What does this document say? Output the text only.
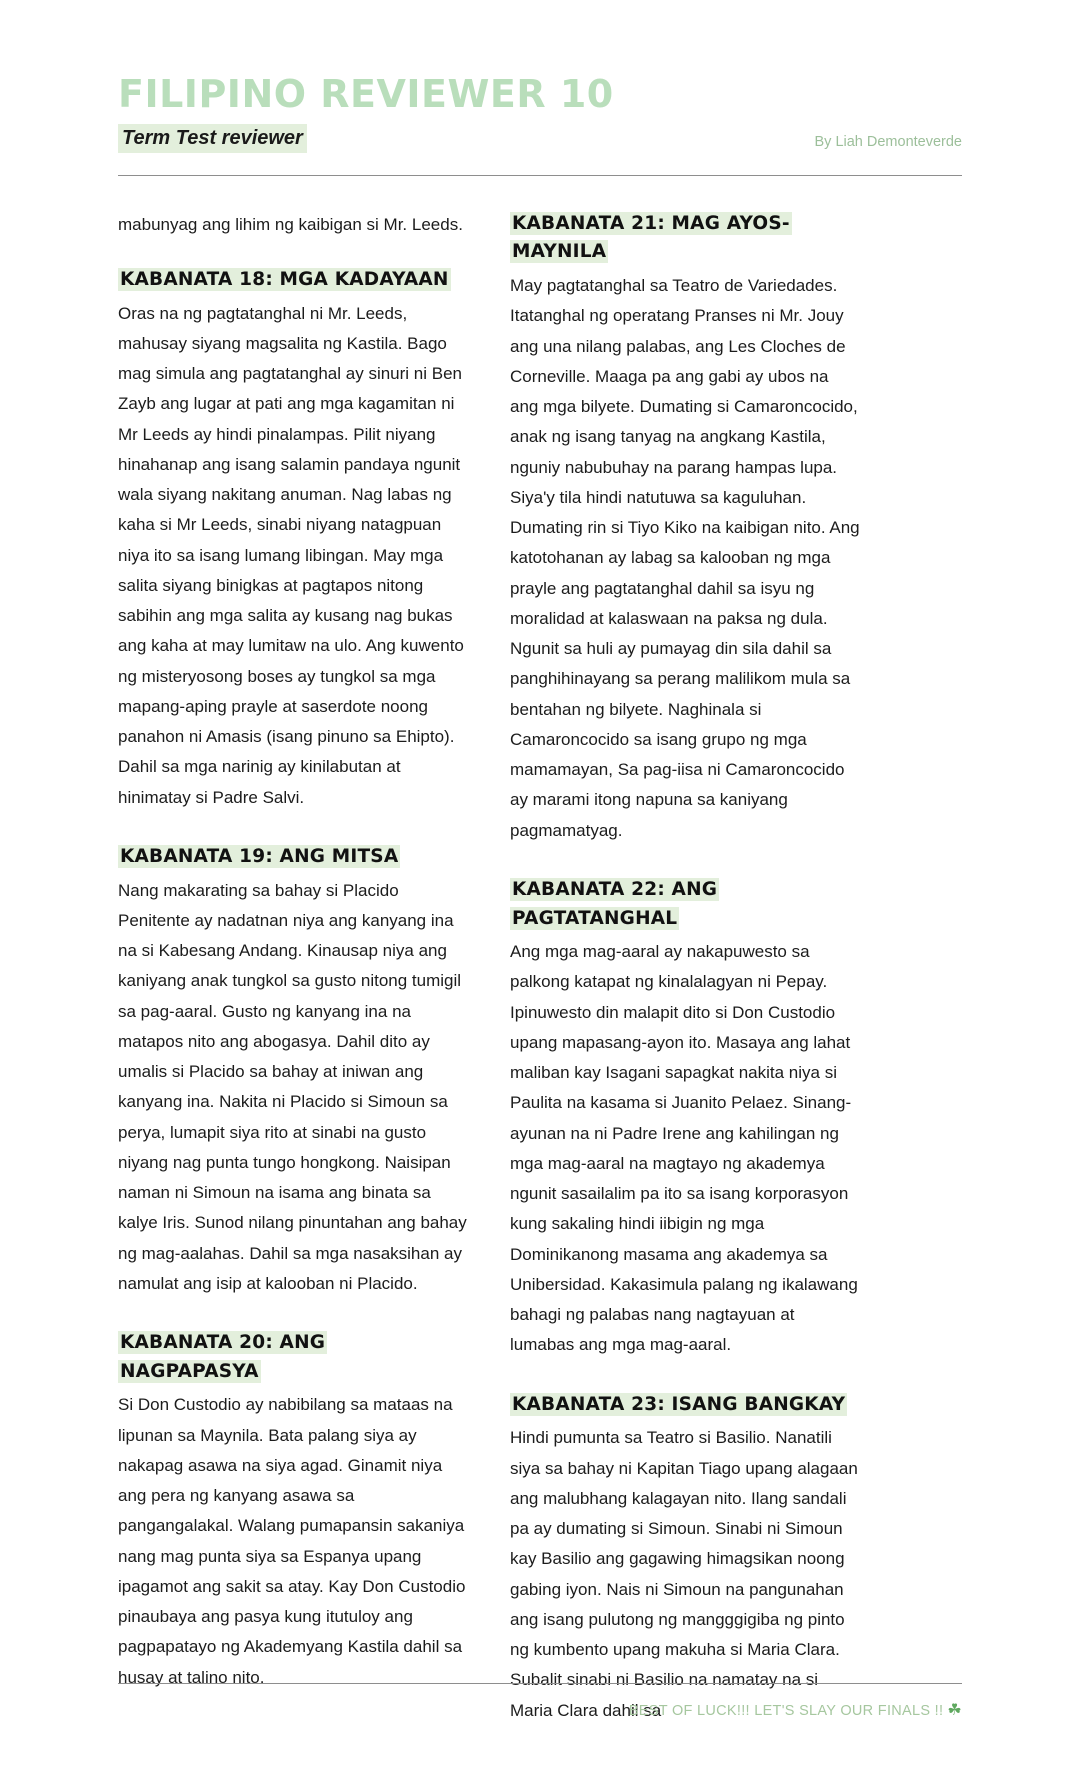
FILIPINO REVIEWER 10
Term Test reviewer	By Liah Demonteverde

mabunyag ang lihim ng kaibigan si Mr. Leeds.

KABANATA 18: MGA KADAYAAN

Oras na ng pagtatanghal ni Mr. Leeds, mahusay siyang magsalita ng Kastila. Bago mag simula ang pagtatanghal ay sinuri ni Ben Zayb ang lugar at pati ang mga kagamitan ni Mr Leeds ay hindi pinalampas. Pilit niyang hinahanap ang isang salamin pandaya ngunit wala siyang nakitang anuman. Nag labas ng kaha si Mr Leeds, sinabi niyang natagpuan niya ito sa isang lumang libingan. May mga salita siyang binigkas at pagtapos nitong sabihin ang mga salita ay kusang nag bukas ang kaha at may lumitaw na ulo. Ang kuwento ng misteryosong boses ay tungkol sa mga mapang-aping prayle at saserdote noong panahon ni Amasis (isang pinuno sa Ehipto). Dahil sa mga narinig ay kinilabutan at hinimatay si Padre Salvi.

KABANATA 19: ANG MITSA

Nang makarating sa bahay si Placido Penitente ay nadatnan niya ang kanyang ina na si Kabesang Andang. Kinausap niya ang kaniyang anak tungkol sa gusto nitong tumigil sa pag-aaral. Gusto ng kanyang ina na matapos nito ang abogasya. Dahil dito ay umalis si Placido sa bahay at iniwan ang kanyang ina. Nakita ni Placido si Simoun sa perya, lumapit siya rito at sinabi na gusto niyang nag punta tungo hongkong. Naisipan naman ni Simoun na isama ang binata sa kalye Iris. Sunod nilang pinuntahan ang bahay ng mag-aalahas. Dahil sa mga nasaksihan ay namulat ang isip at kalooban ni Placido.

KABANATA 20: ANG NAGPAPASYA

Si Don Custodio ay nabibilang sa mataas na lipunan sa Maynila. Bata palang siya ay nakapag asawa na siya agad. Ginamit niya ang pera ng kanyang asawa sa pangangalakal. Walang pumapansin sakaniya nang mag punta siya sa Espanya upang ipagamot ang sakit sa atay. Kay Don Custodio pinaubaya ang pasya kung itutuloy ang pagpapatayo ng Akademyang Kastila dahil sa husay at talino nito.

KABANATA 21: MAG AYOS-MAYNILA

May pagtatanghal sa Teatro de Variedades. Itatanghal ng operatang Pranses ni Mr. Jouy ang una nilang palabas, ang Les Cloches de Corneville. Maaga pa ang gabi ay ubos na ang mga bilyete. Dumating si Camaroncocido, anak ng isang tanyag na angkang Kastila, nguniy nabubuhay na parang hampas lupa. Siya'y tila hindi natutuwa sa kaguluhan. Dumating rin si Tiyo Kiko na kaibigan nito. Ang katotohanan ay labag sa kalooban ng mga prayle ang pagtatanghal dahil sa isyu ng moralidad at kalaswaan na paksa ng dula. Ngunit sa huli ay pumayag din sila dahil sa panghihinayang sa perang malilikom mula sa bentahan ng bilyete. Naghinala si Camaroncocido sa isang grupo ng mga mamamayan, Sa pag-iisa ni Camaroncocido ay marami itong napuna sa kaniyang pagmamatyag.

KABANATA 22: ANG PAGTATANGHAL

Ang mga mag-aaral ay nakapuwesto sa palkong katapat ng kinalalagyan ni Pepay. Ipinuwesto din malapit dito si Don Custodio upang mapasang-ayon ito. Masaya ang lahat maliban kay Isagani sapagkat nakita niya si Paulita na kasama si Juanito Pelaez. Sinang-ayunan na ni Padre Irene ang kahilingan ng mga mag-aaral na magtayo ng akademya ngunit sasailalim pa ito sa isang korporasyon kung sakaling hindi iibigin ng mga Dominikanong masama ang akademya sa Unibersidad. Kakasimula palang ng ikalawang bahagi ng palabas nang nagtayuan at lumabas ang mga mag-aaral.

KABANATA 23: ISANG BANGKAY

Hindi pumunta sa Teatro si Basilio. Nanatili siya sa bahay ni Kapitan Tiago upang alagaan ang malubhang kalagayan nito. Ilang sandali pa ay dumating si Simoun. Sinabi ni Simoun kay Basilio ang gagawing himagsikan noong gabing iyon. Nais ni Simoun na pangunahan ang isang pulutong ng mangggigiba ng pinto ng kumbento upang makuha si Maria Clara. Subalit sinabi ni Basilio na namatay na si Maria Clara dahil sa

BEST OF LUCK!!! LET'S SLAY OUR FINALS !! ☘
